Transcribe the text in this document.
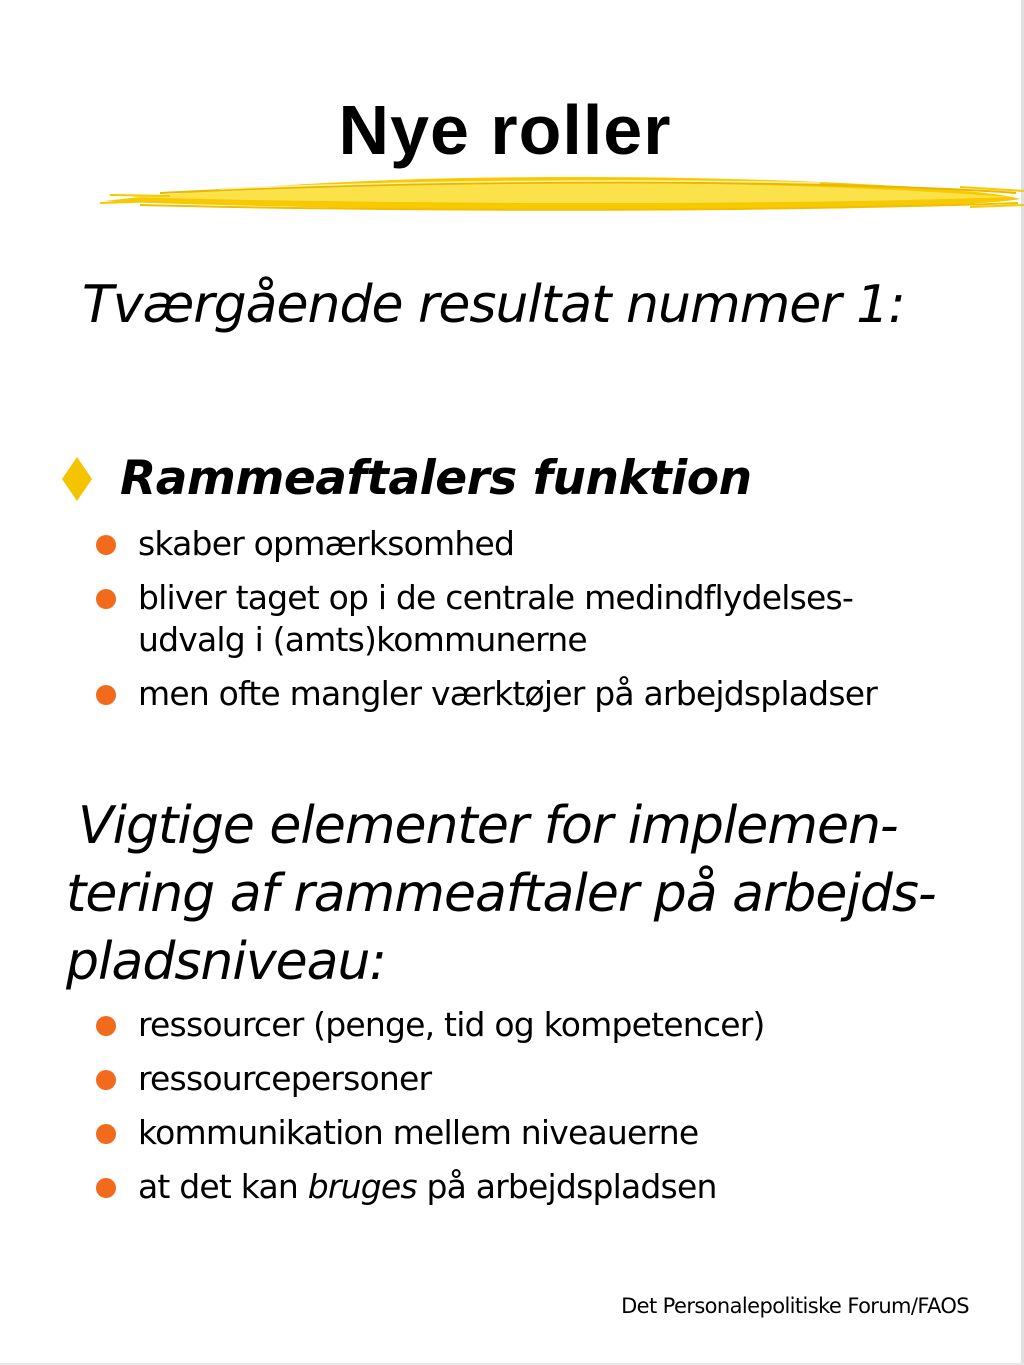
Nye roller
Tværgående resultat nummer 1:
Rammeaftalers funktion
skaber opmærksomhed
bliver taget op i de centrale medindflydelses-
udvalg i (amts)kommunerne
men ofte mangler værktøjer på arbejdspladser
Vigtige elementer for implemen-
tering af rammeaftaler på arbejds-
pladsniveau:
ressourcer (penge, tid og kompetencer)
ressourcepersoner
kommunikation mellem niveauerne
at det kan bruges på arbejdspladsen

Det Personalepolitiske Forum/FAOS
